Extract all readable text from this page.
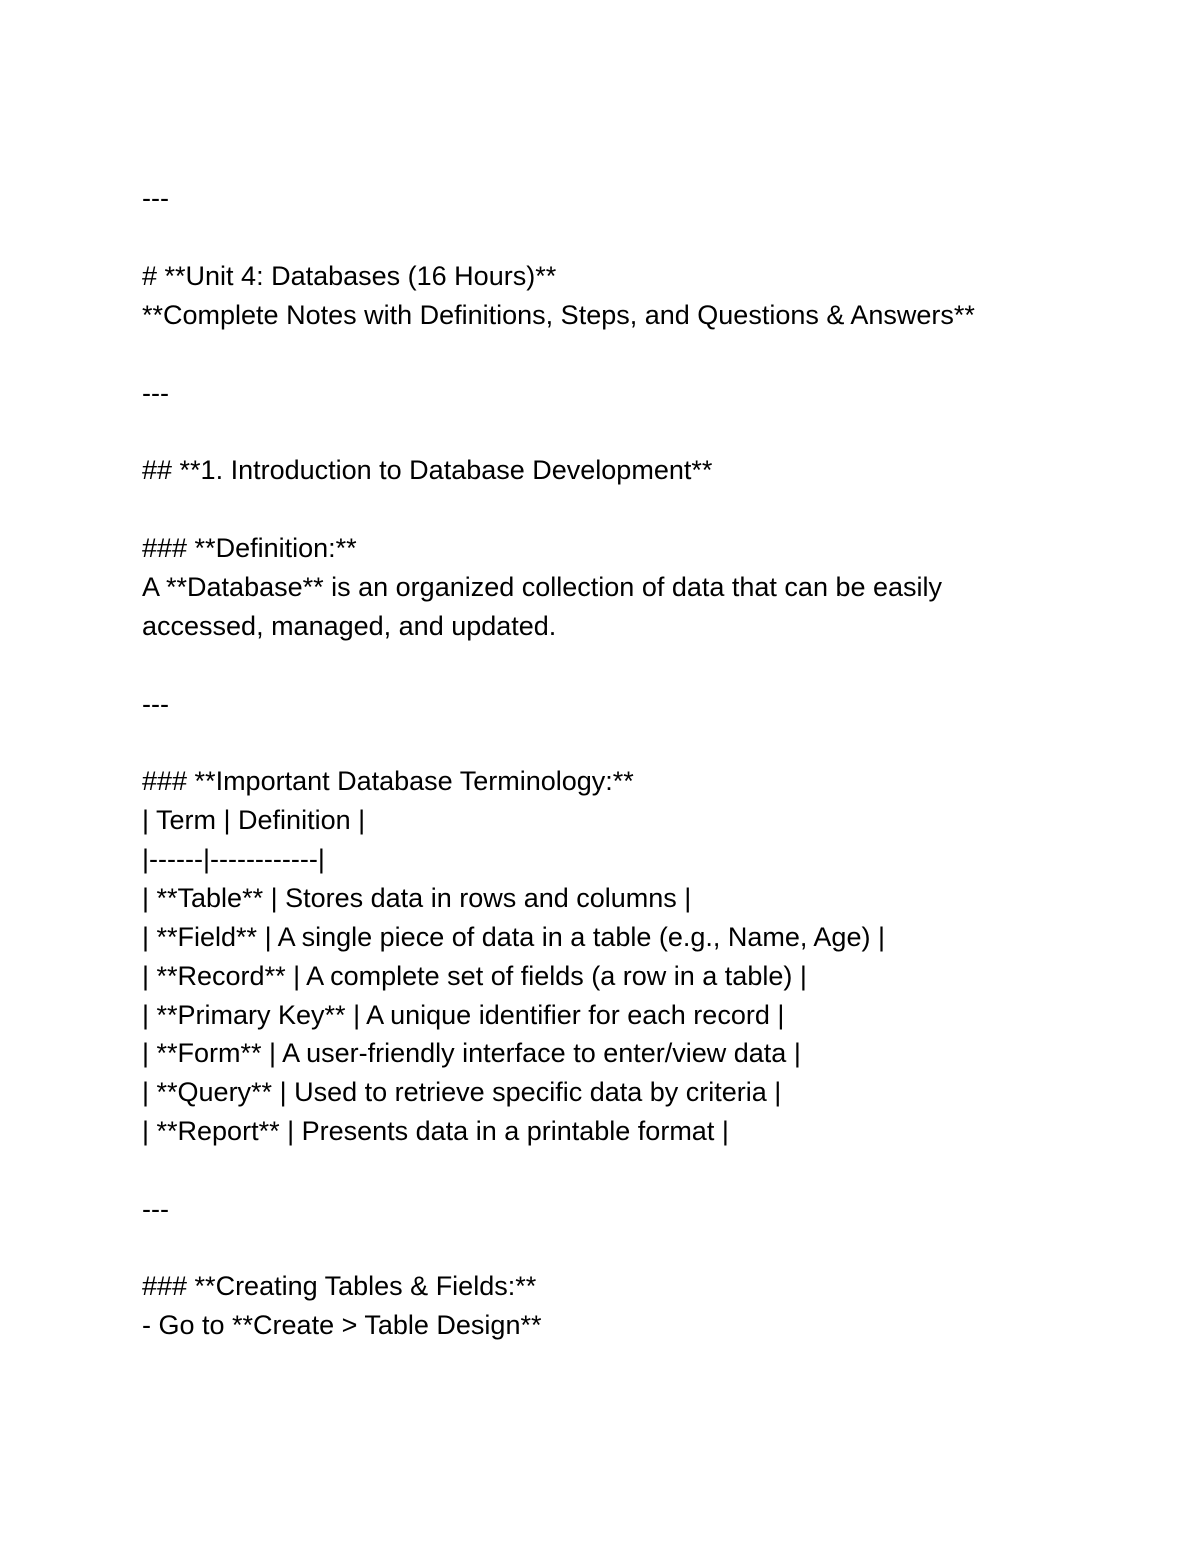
---
# **Unit 4: Databases (16 Hours)**
**Complete Notes with Definitions, Steps, and Questions & Answers**
---
## **1. Introduction to Database Development**
### **Definition:**
A **Database** is an organized collection of data that can be easily
accessed, managed, and updated.
---
### **Important Database Terminology:**
| Term | Definition |
|------|------------|
| **Table** | Stores data in rows and columns |
| **Field** | A single piece of data in a table (e.g., Name, Age) |
| **Record** | A complete set of fields (a row in a table) |
| **Primary Key** | A unique identifier for each record |
| **Form** | A user-friendly interface to enter/view data |
| **Query** | Used to retrieve specific data by criteria |
| **Report** | Presents data in a printable format |
---
### **Creating Tables & Fields:**
- Go to **Create > Table Design**
